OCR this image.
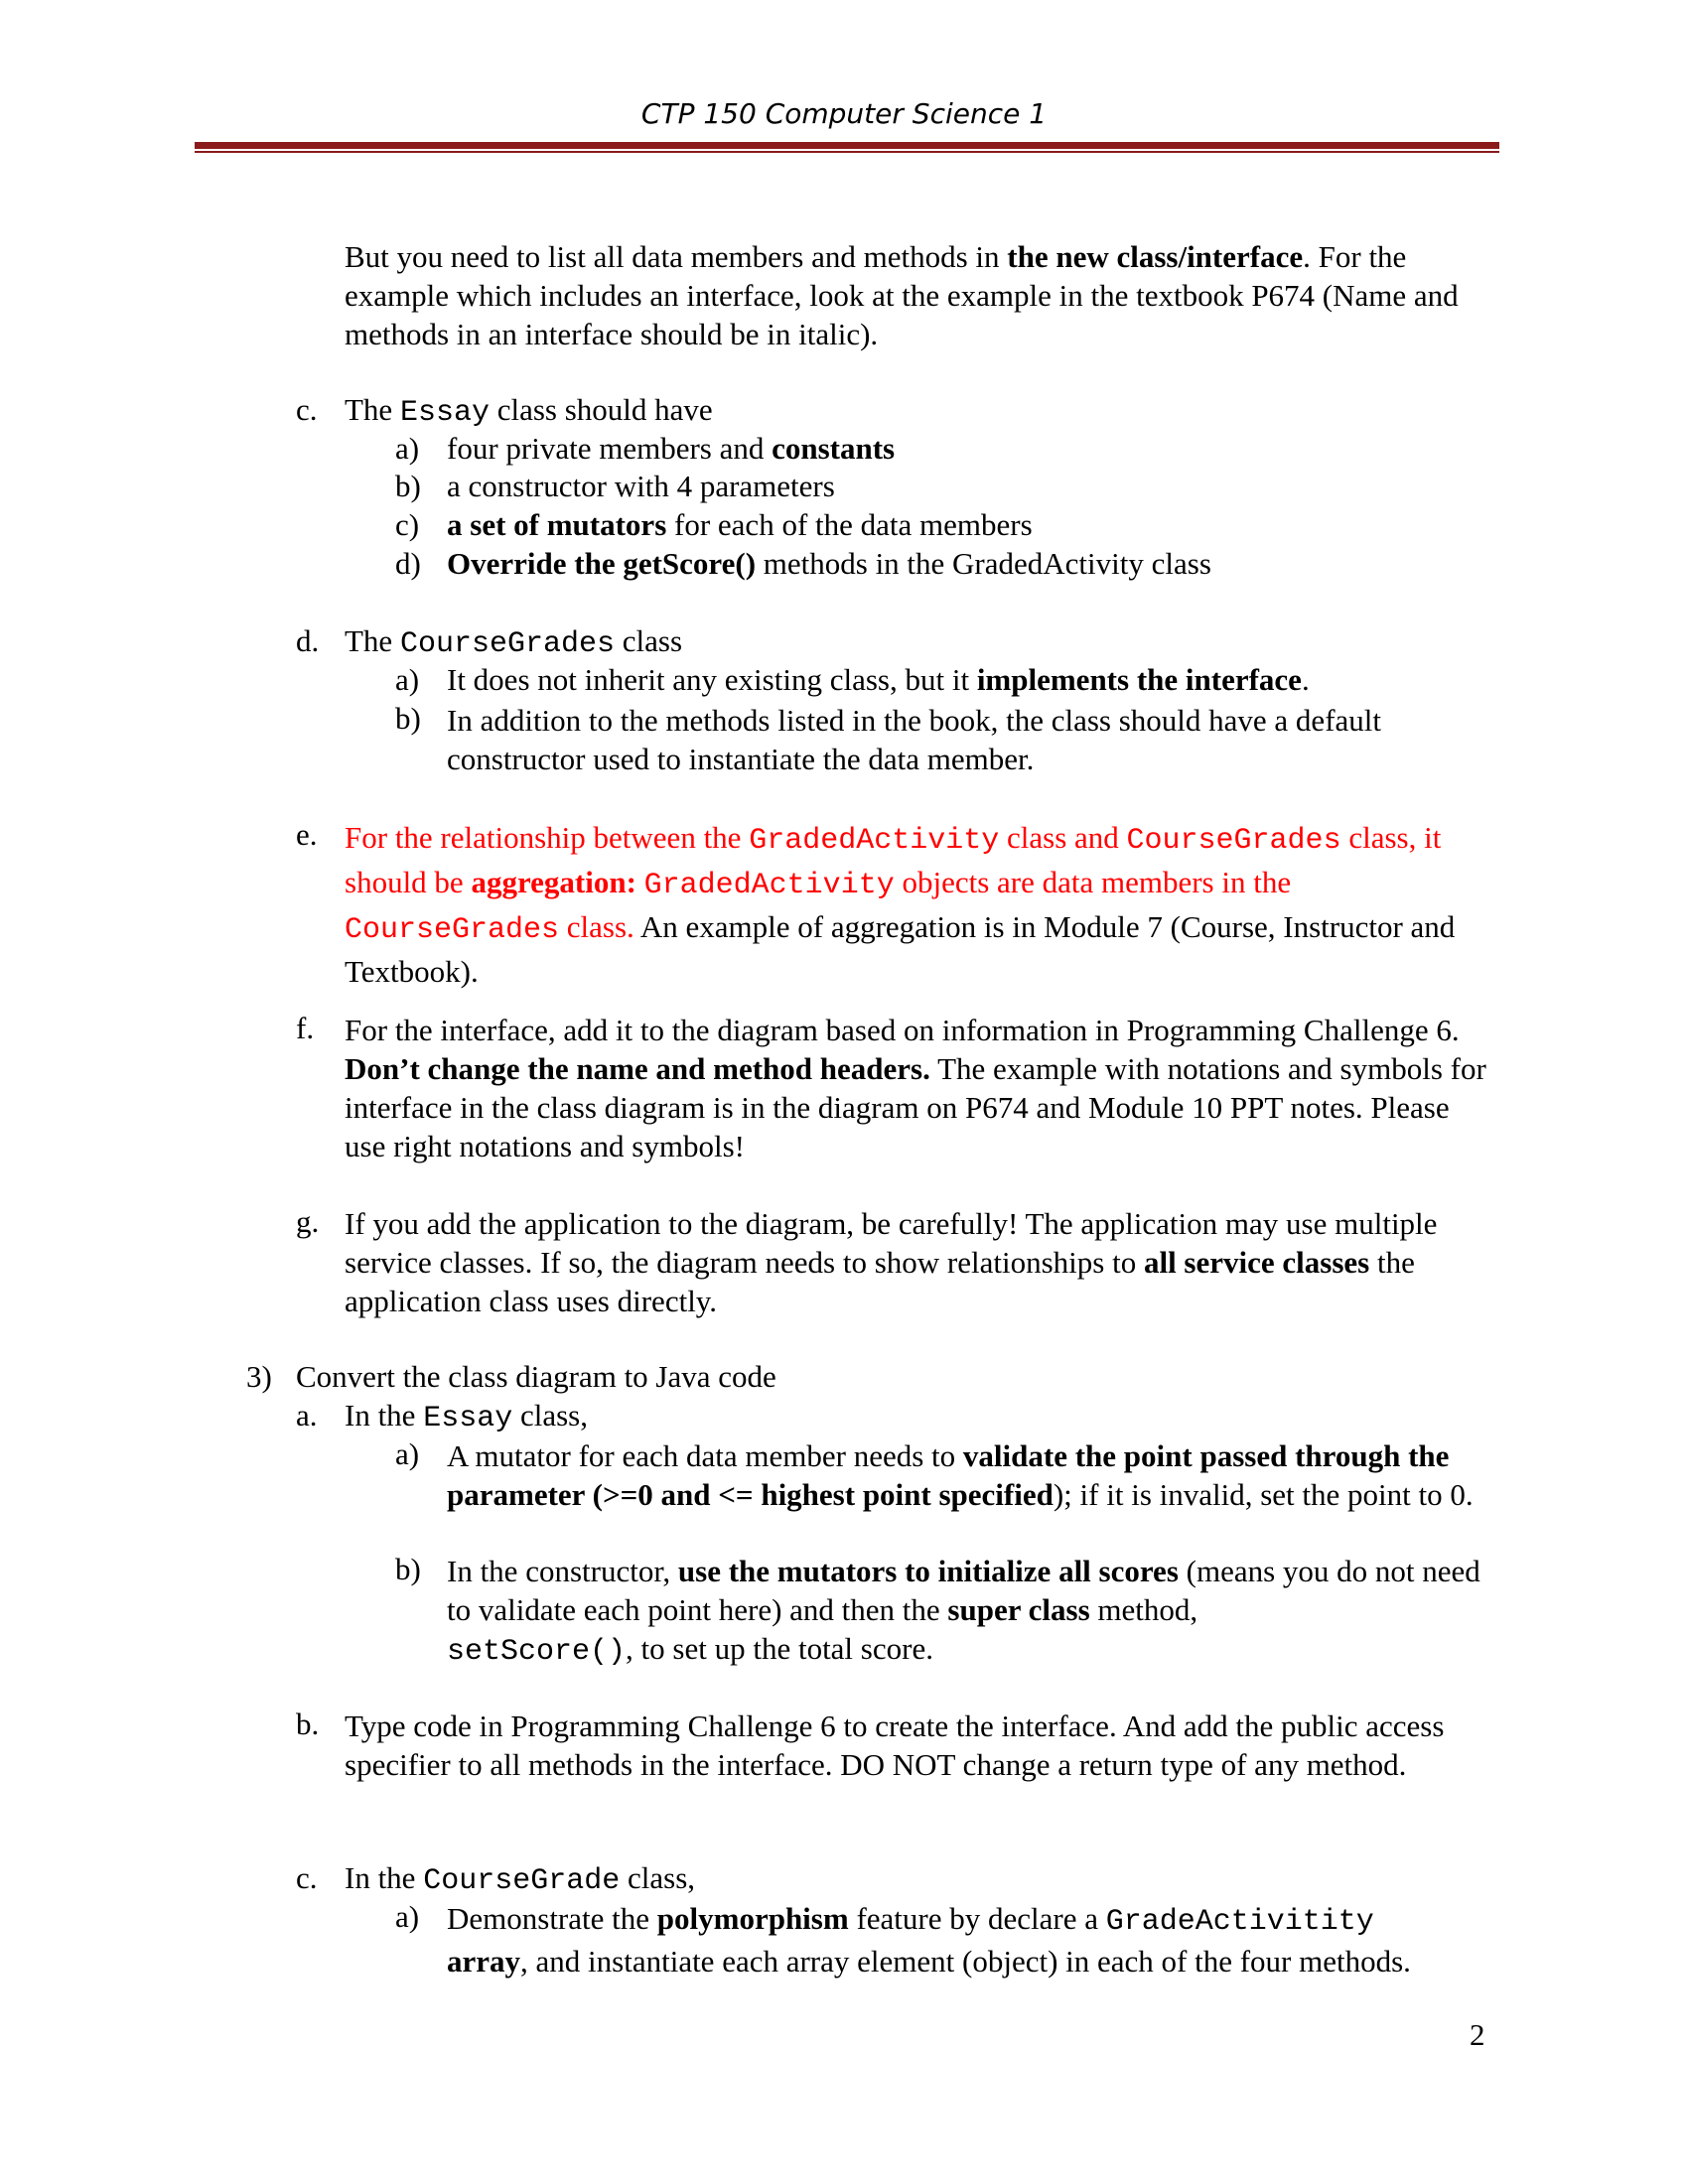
CTP 150 Computer Science 1
But you need to list all data members and methods in the new class/interface. For the example which includes an interface, look at the example in the textbook P674 (Name and methods in an interface should be in italic).
c. The Essay class should have
a) four private members and constants
b) a constructor with 4 parameters
c) a set of mutators for each of the data members
d) Override the getScore() methods in the GradedActivity class
d. The CourseGrades class
a) It does not inherit any existing class, but it implements the interface.
b) In addition to the methods listed in the book, the class should have a default constructor used to instantiate the data member.
e. For the relationship between the GradedActivity class and CourseGrades class, it should be aggregation: GradedActivity objects are data members in the CourseGrades class. An example of aggregation is in Module 7 (Course, Instructor and Textbook).
f. For the interface, add it to the diagram based on information in Programming Challenge 6. Don’t change the name and method headers. The example with notations and symbols for interface in the class diagram is in the diagram on P674 and Module 10 PPT notes. Please use right notations and symbols!
g. If you add the application to the diagram, be carefully! The application may use multiple service classes. If so, the diagram needs to show relationships to all service classes the application class uses directly.
3) Convert the class diagram to Java code
a. In the Essay class,
a) A mutator for each data member needs to validate the point passed through the parameter (>=0 and <= highest point specified); if it is invalid, set the point to 0.
b) In the constructor, use the mutators to initialize all scores (means you do not need to validate each point here) and then the super class method,
setScore(), to set up the total score.
b. Type code in Programming Challenge 6 to create the interface. And add the public access specifier to all methods in the interface. DO NOT change a return type of any method.
c. In the CourseGrade class,
a) Demonstrate the polymorphism feature by declare a GradeActivitity
array, and instantiate each array element (object) in each of the four methods.
2
